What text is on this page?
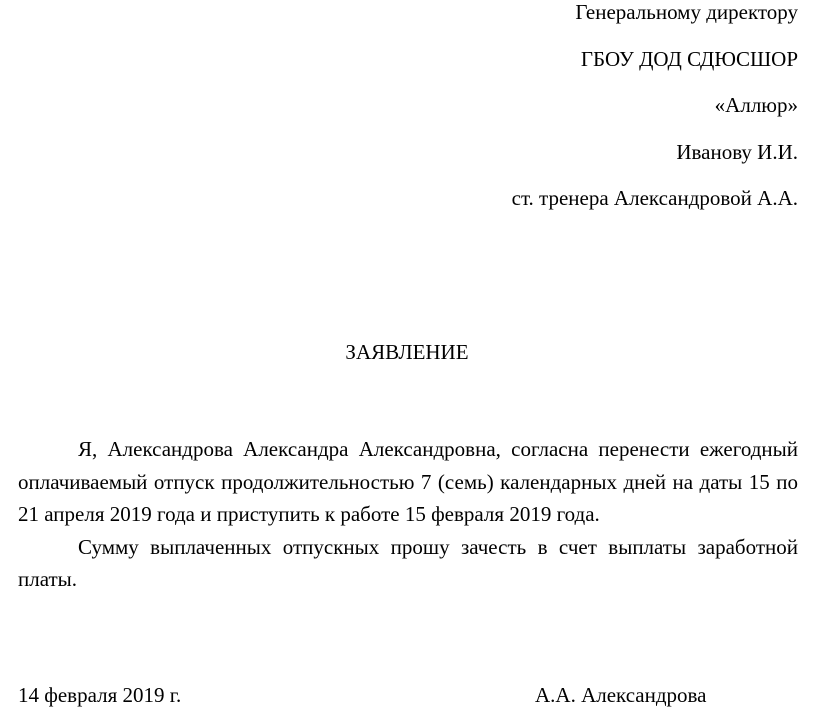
Генеральному директору
ГБОУ ДОД СДЮСШОР
«Аллюр»
Иванову И.И.
ст. тренера Александровой А.А.
ЗАЯВЛЕНИЕ

Я, Александрова Александра Александровна, согласна перенести ежегодный оплачиваемый отпуск продолжительностью 7 (семь) календарных дней на даты 15 по 21 апреля 2019 года и приступить к работе 15 февраля 2019 года.

Сумму выплаченных отпускных прошу зачесть в счет выплаты заработной платы.

14 февраля 2019 г.	А.А. Александрова
